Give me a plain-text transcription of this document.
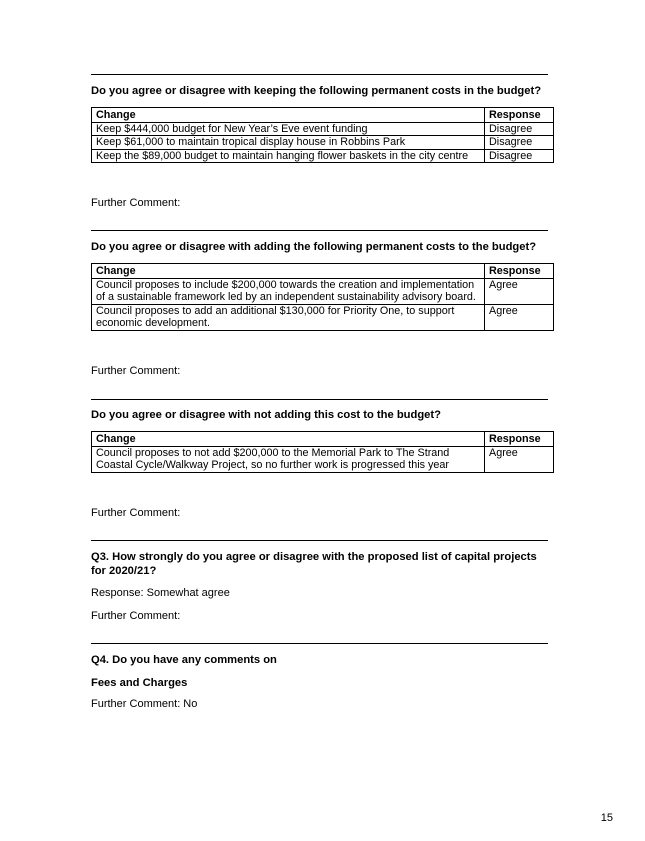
Do you agree or disagree with keeping the following permanent costs in the budget?
Change	Response
Keep $444,000 budget for New Year’s Eve event funding	Disagree
Keep $61,000 to maintain tropical display house in Robbins Park	Disagree
Keep the $89,000 budget to maintain hanging flower baskets in the city centre	Disagree
Further Comment:
Do you agree or disagree with adding the following permanent costs to the budget?
Change	Response
Council proposes to include $200,000 towards the creation and implementation of a sustainable framework led by an independent sustainability advisory board.	Agree
Council proposes to add an additional $130,000 for Priority One, to support economic development.	Agree
Further Comment:
Do you agree or disagree with not adding this cost to the budget?
Change	Response
Council proposes to not add $200,000 to the Memorial Park to The Strand Coastal Cycle/Walkway Project, so no further work is progressed this year	Agree
Further Comment:
Q3. How strongly do you agree or disagree with the proposed list of capital projects for 2020/21?
Response: Somewhat agree
Further Comment:
Q4. Do you have any comments on
Fees and Charges
Further Comment: No
15
